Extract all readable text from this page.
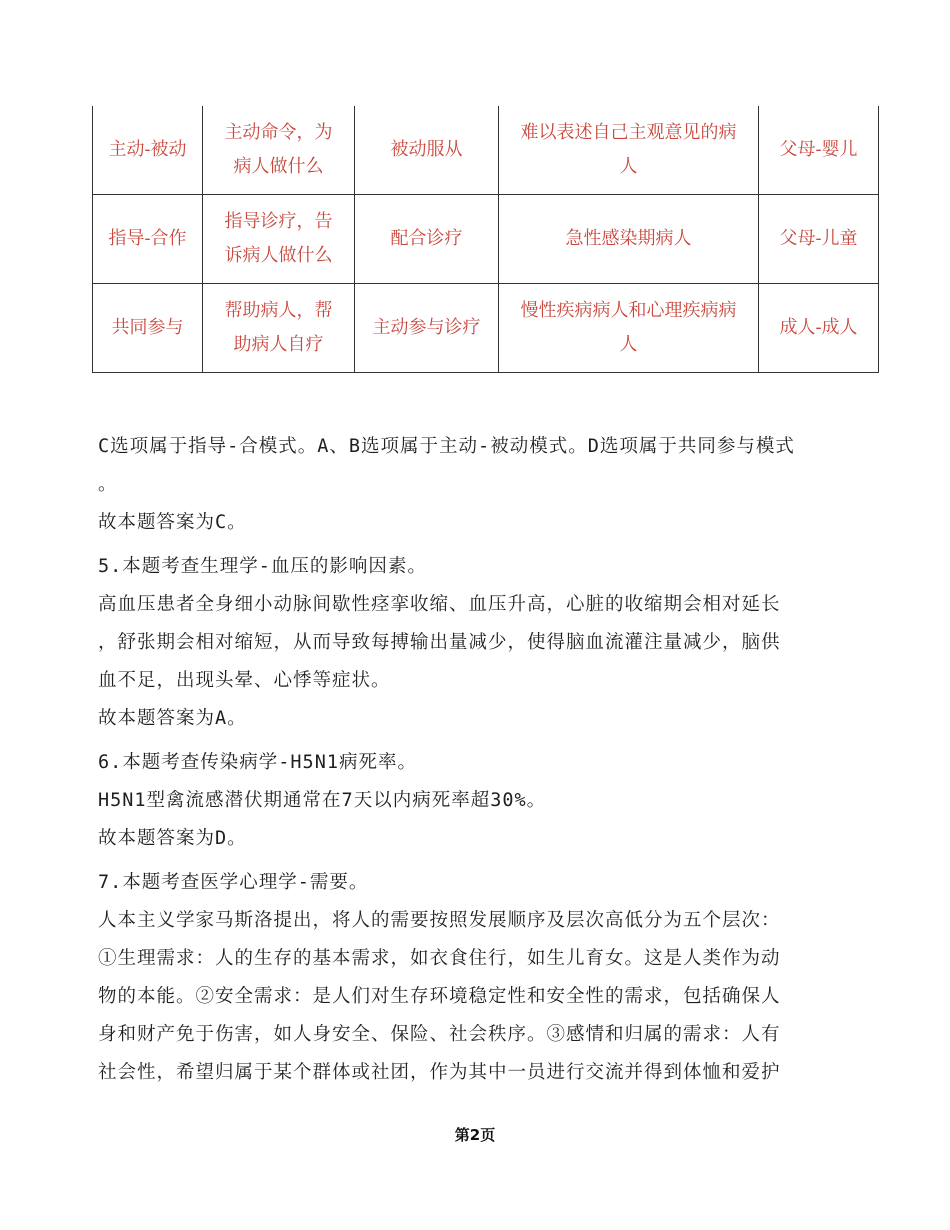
主动-被动	主动命令，为病人做什么	被动服从	难以表述自己主观意见的病人	父母-婴儿
指导-合作	指导诊疗，告诉病人做什么	配合诊疗	急性感染期病人	父母-儿童
共同参与	帮助病人，帮助病人自疗	主动参与诊疗	慢性疾病病人和心理疾病病人	成人-成人
C选项属于指导-合模式。A、B选项属于主动-被动模式。D选项属于共同参与模式
。
故本题答案为C。
5.本题考查生理学-血压的影响因素。
高血压患者全身细小动脉间歇性痉挛收缩、血压升高，心脏的收缩期会相对延长
，舒张期会相对缩短，从而导致每搏输出量减少，使得脑血流灌注量减少，脑供
血不足，出现头晕、心悸等症状。
故本题答案为A。
6.本题考查传染病学-H5N1病死率。
H5N1型禽流感潜伏期通常在7天以内病死率超30%。
故本题答案为D。
7.本题考查医学心理学-需要。
人本主义学家马斯洛提出，将人的需要按照发展顺序及层次高低分为五个层次：
①生理需求：人的生存的基本需求，如衣食住行，如生儿育女。这是人类作为动
物的本能。②安全需求：是人们对生存环境稳定性和安全性的需求，包括确保人
身和财产免于伤害，如人身安全、保险、社会秩序。③感情和归属的需求：人有
社会性，希望归属于某个群体或社团，作为其中一员进行交流并得到体恤和爱护
第2页
